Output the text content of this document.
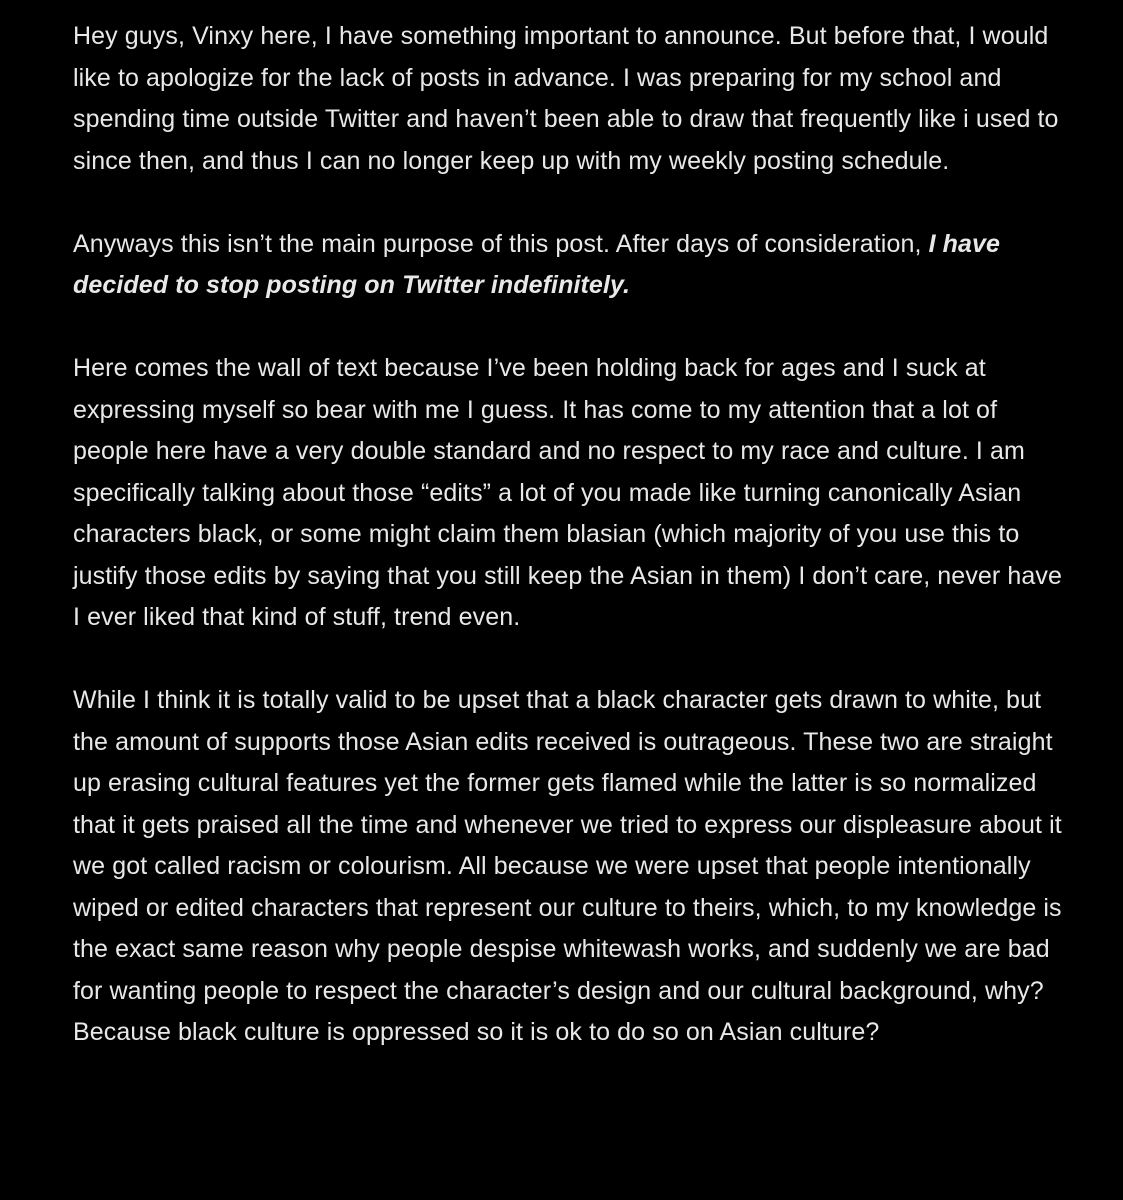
Hey guys, Vinxy here, I have something important to announce. But before that, I would like to apologize for the lack of posts in advance. I was preparing for my school and spending time outside Twitter and haven’t been able to draw that frequently like i used to since then, and thus I can no longer keep up with my weekly posting schedule.

Anyways this isn’t the main purpose of this post. After days of consideration, I have decided to stop posting on Twitter indefinitely.

Here comes the wall of text because I’ve been holding back for ages and I suck at expressing myself so bear with me I guess. It has come to my attention that a lot of people here have a very double standard and no respect to my race and culture. I am specifically talking about those “edits” a lot of you made like turning canonically Asian characters black, or some might claim them blasian (which majority of you use this to justify those edits by saying that you still keep the Asian in them) I don’t care, never have I ever liked that kind of stuff, trend even.

While I think it is totally valid to be upset that a black character gets drawn to white, but the amount of supports those Asian edits received is outrageous. These two are straight up erasing cultural features yet the former gets flamed while the latter is so normalized that it gets praised all the time and whenever we tried to express our displeasure about it we got called racism or colourism. All because we were upset that people intentionally wiped or edited characters that represent our culture to theirs, which, to my knowledge is the exact same reason why people despise whitewash works, and suddenly we are bad for wanting people to respect the character’s design and our cultural background, why? Because black culture is oppressed so it is ok to do so on Asian culture?
